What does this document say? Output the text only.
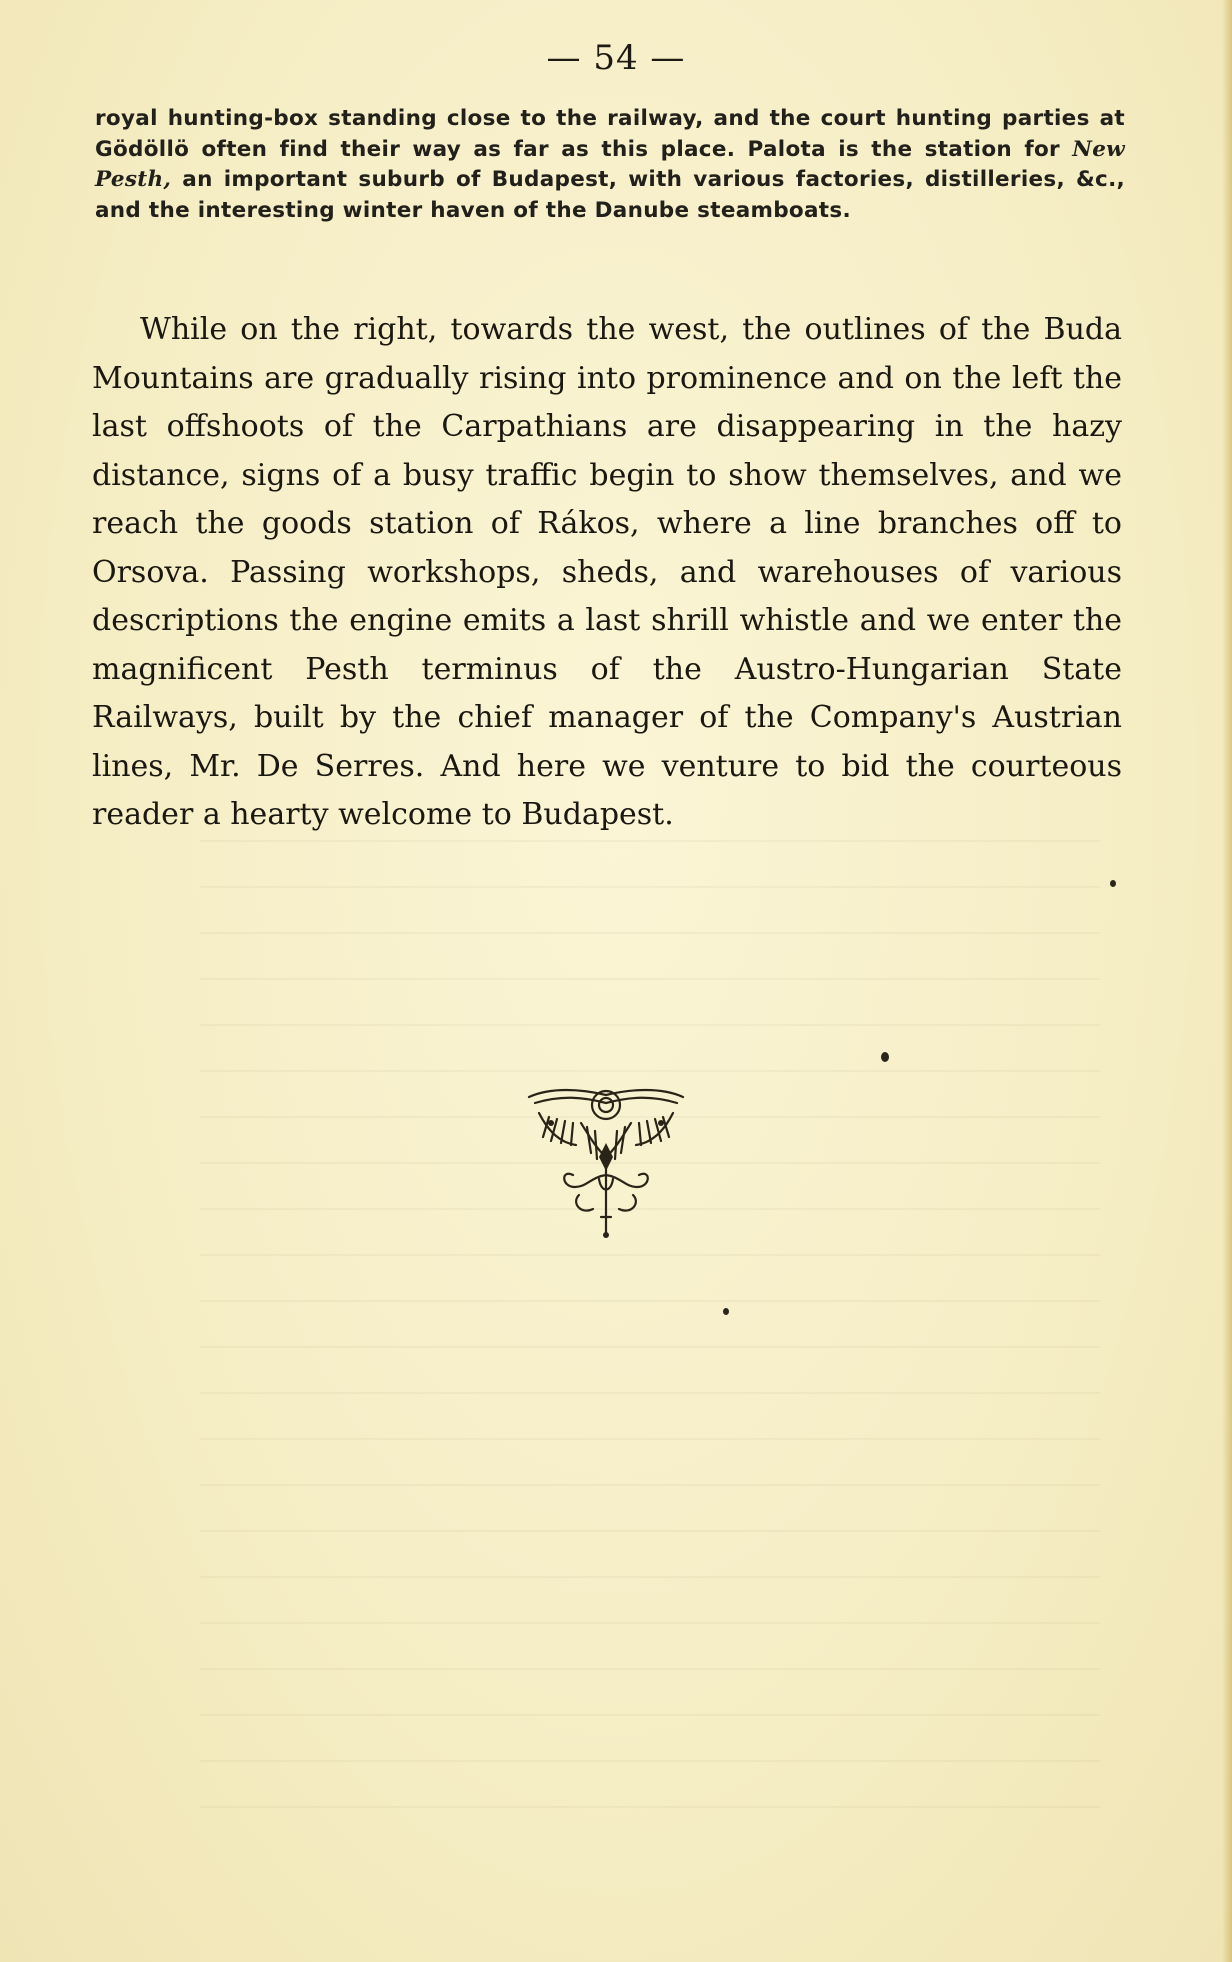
— 54 —

royal hunting-box standing close to the railway, and the court hunting parties at Gödöllö often find their way as far as this place. Palota is the station for New Pesth, an important suburb of Budapest, with various factories, distilleries, &c., and the interesting winter haven of the Danube steamboats.

While on the right, towards the west, the outlines of the Buda Mountains are gradually rising into prominence and on the left the last offshoots of the Carpathians are disappearing in the hazy distance, signs of a busy traffic begin to show themselves, and we reach the goods station of Rákos, where a line branches off to Orsova. Passing workshops, sheds, and warehouses of various descriptions the engine emits a last shrill whistle and we enter the magnificent Pesth terminus of the Austro-Hungarian State Railways, built by the chief manager of the Company's Austrian lines, Mr. De Serres. And here we venture to bid the courteous reader a hearty welcome to Budapest.
